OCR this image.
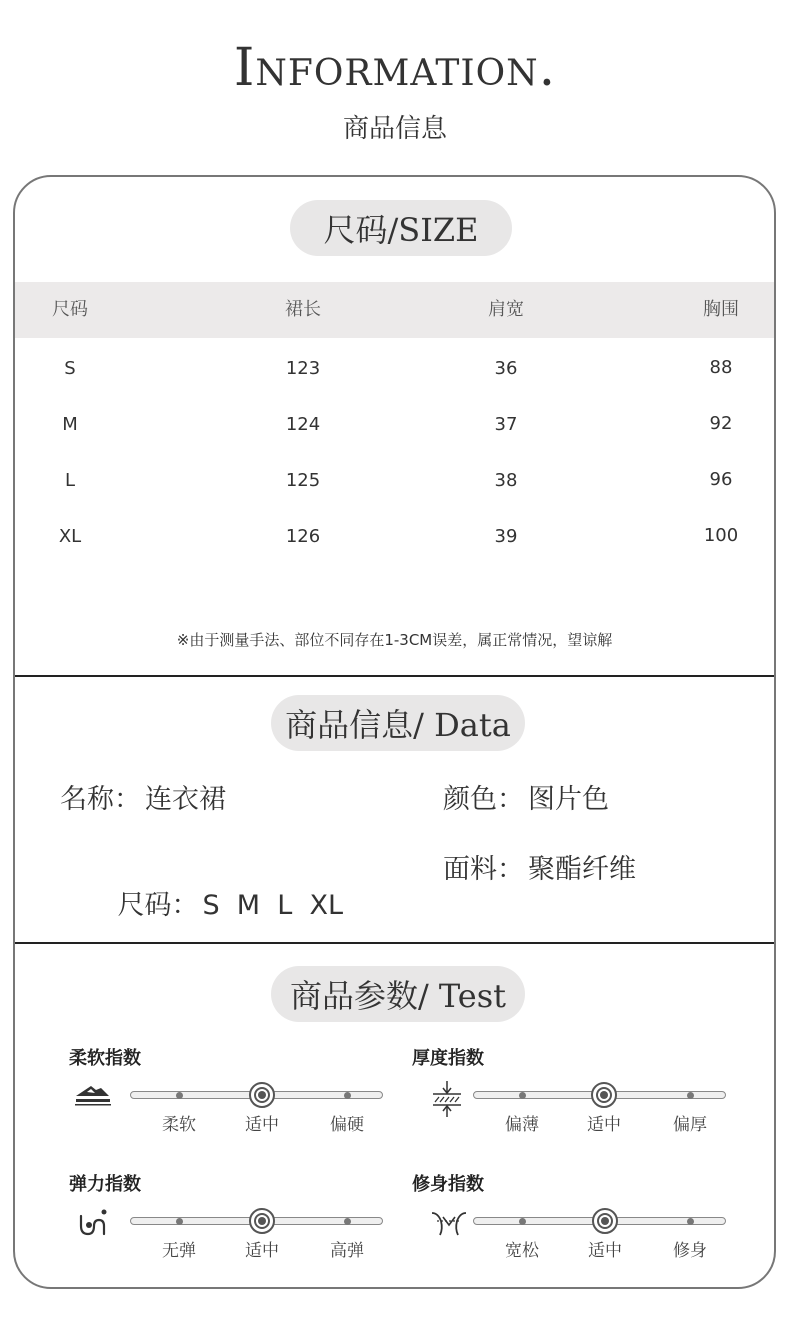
Information.
商品信息
尺码/SIZE
尺码	裙长	肩宽	胸围
S	123	36	88
M	124	37	92
L	125	38	96
XL	126	39	100
※由于测量手法、部位不同存在1-3CM误差，属正常情况，望谅解
商品信息/ Data
名称： 连衣裙	颜色： 图片色

尺码： S  M  L  XL

面料： 聚酯纤维
商品参数/ Test
柔软指数
柔软	适中	偏硬
厚度指数
偏薄	适中	偏厚
弹力指数
无弹	适中	高弹
修身指数
宽松	适中	修身
